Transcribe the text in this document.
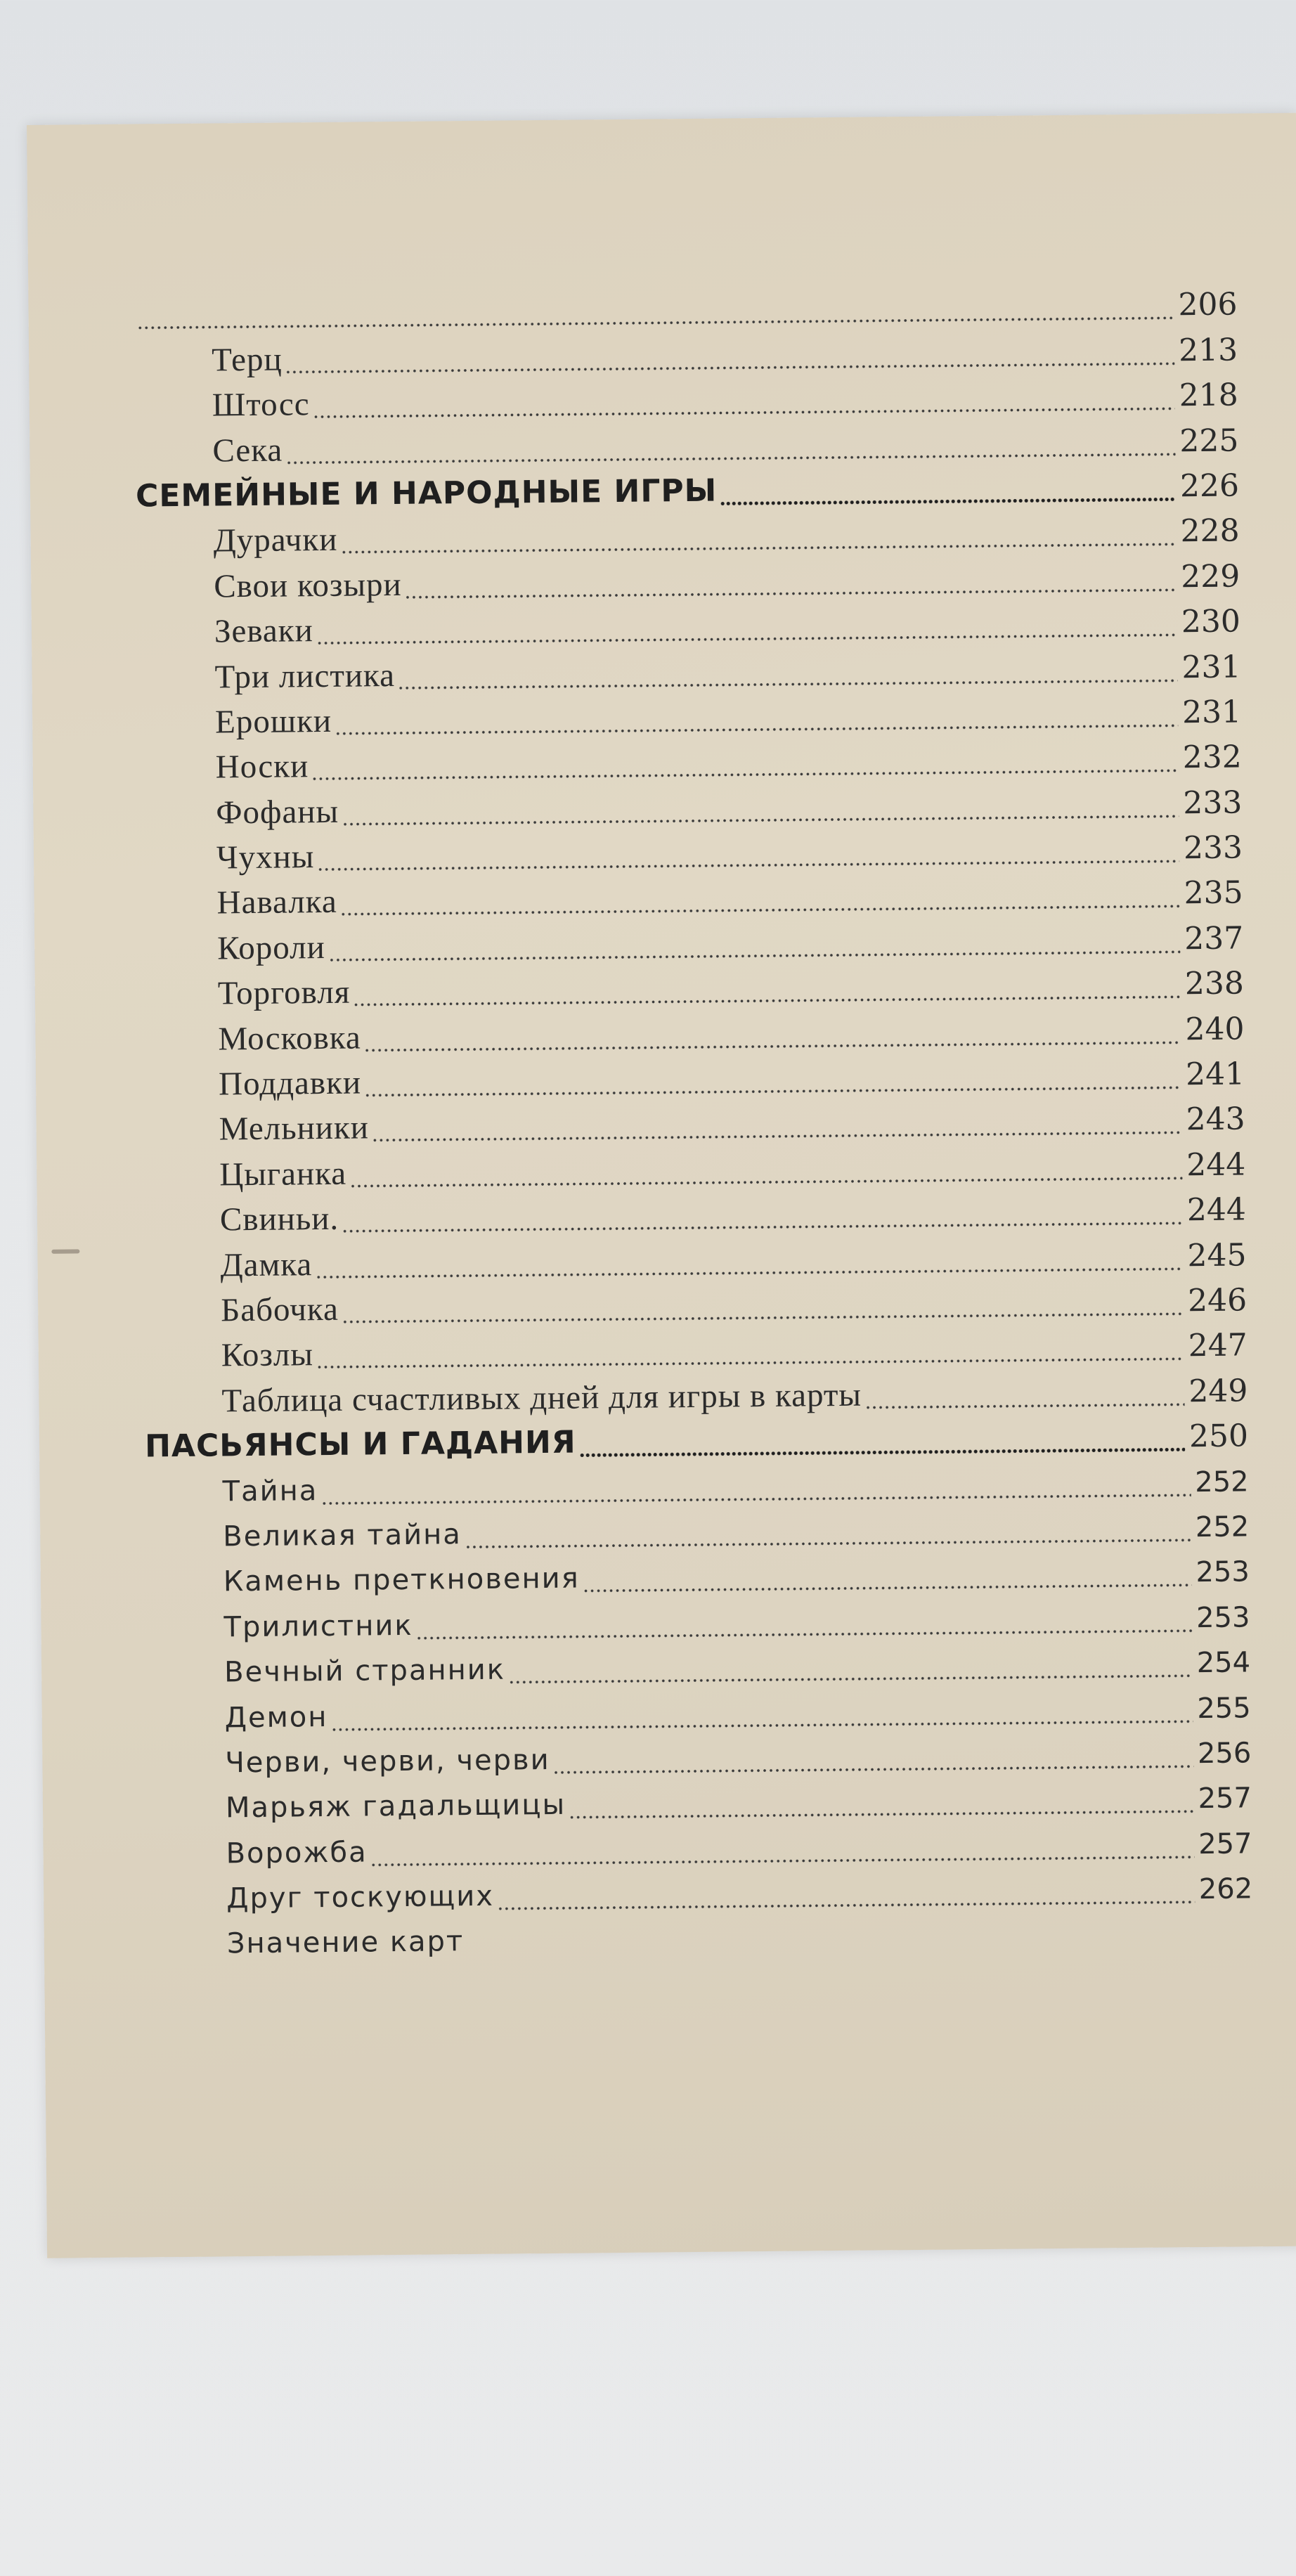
206
Терц	213
Штосс	218
Сека	225
СЕМЕЙНЫЕ И НАРОДНЫЕ ИГРЫ	226
Дурачки	228
Свои козыри	229
Зеваки	230
Три листика	231
Ерошки	231
Носки	232
Фофаны	233
Чухны	233
Навалка	235
Короли	237
Торговля	238
Московка	240
Поддавки	241
Мельники	243
Цыганка	244
Свиньи.	244
Дамка	245
Бабочка	246
Козлы	247
Таблица счастливых дней для игры в карты	249
ПАСЬЯНСЫ И ГАДАНИЯ	250
Тайна	252
Великая тайна	252
Камень преткновения	253
Трилистник	253
Вечный странник	254
Демон	255
Черви, черви, черви	256
Марьяж гадальщицы	257
Ворожба	257
Друг тоскующих	262
Значение карт
